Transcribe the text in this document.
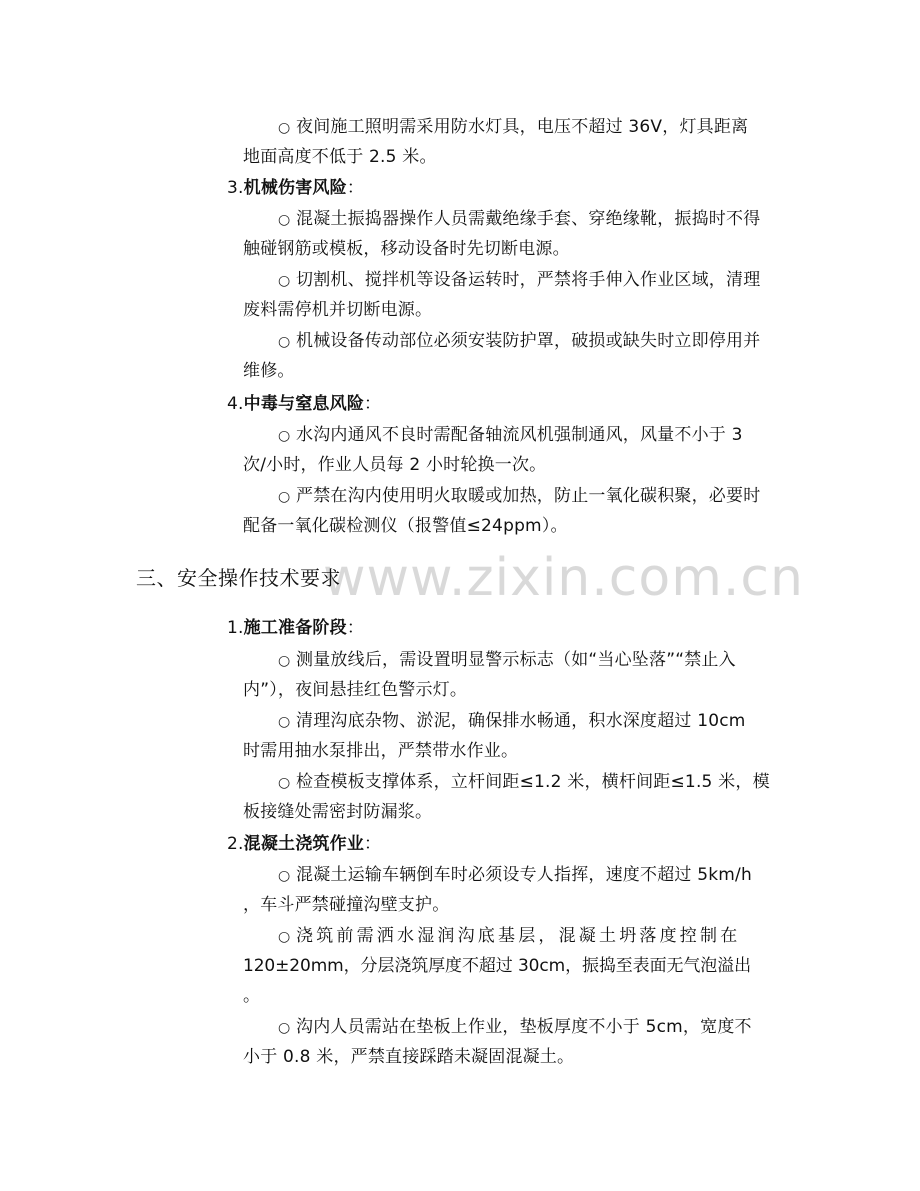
www.zixin.com.cn
○ 夜间施工照明需采用防水灯具，电压不超过 36V，灯具距离
地面高度不低于 2.5 米。
3.机械伤害风险：
○ 混凝土振捣器操作人员需戴绝缘手套、穿绝缘靴，振捣时不得
触碰钢筋或模板，移动设备时先切断电源。
○ 切割机、搅拌机等设备运转时，严禁将手伸入作业区域，清理
废料需停机并切断电源。
○ 机械设备传动部位必须安装防护罩，破损或缺失时立即停用并
维修。
4.中毒与窒息风险：
○ 水沟内通风不良时需配备轴流风机强制通风，风量不小于 3
次/小时，作业人员每 2 小时轮换一次。
○ 严禁在沟内使用明火取暖或加热，防止一氧化碳积聚，必要时
配备一氧化碳检测仪（报警值≤24ppm）。
三、安全操作技术要求
1.施工准备阶段：
○ 测量放线后，需设置明显警示标志（如“当心坠落”“禁止入
内”），夜间悬挂红色警示灯。
○ 清理沟底杂物、淤泥，确保排水畅通，积水深度超过 10cm
时需用抽水泵排出，严禁带水作业。
○ 检查模板支撑体系，立杆间距≤1.2 米，横杆间距≤1.5 米，模
板接缝处需密封防漏浆。
2.混凝土浇筑作业：
○ 混凝土运输车辆倒车时必须设专人指挥，速度不超过 5km/h
，车斗严禁碰撞沟壁支护。
○ 浇筑前需洒水湿润沟底基层，混凝土坍落度控制在
120±20mm，分层浇筑厚度不超过 30cm，振捣至表面无气泡溢出
。
○ 沟内人员需站在垫板上作业，垫板厚度不小于 5cm，宽度不
小于 0.8 米，严禁直接踩踏未凝固混凝土。
